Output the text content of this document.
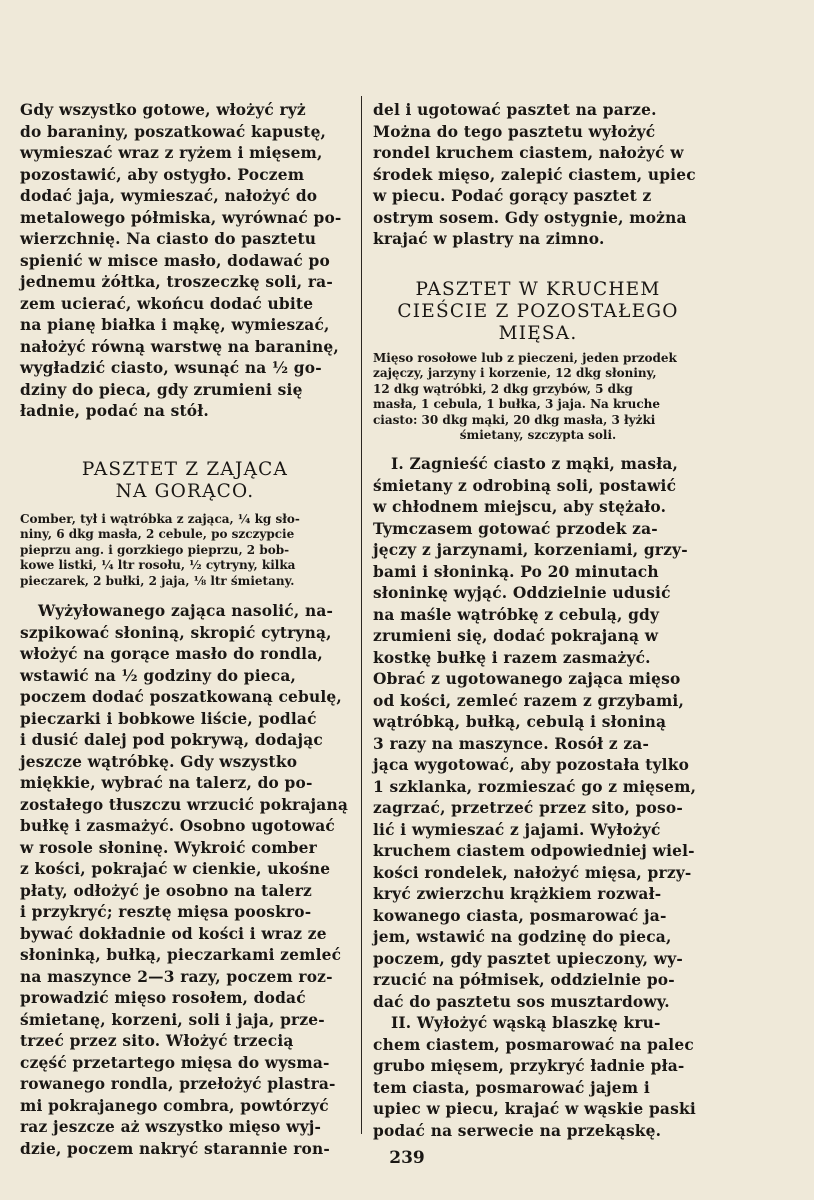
Gdy wszystko gotowe, włożyć ryż
do baraniny, poszatkować kapustę,
wymieszać wraz z ryżem i mięsem,
pozostawić, aby ostygło. Poczem
dodać jaja, wymieszać, nałożyć do
metalowego półmiska, wyrównać po-
wierzchnię. Na ciasto do pasztetu
spienić w misce masło, dodawać po
jednemu żółtka, troszeczkę soli, ra-
zem ucierać, wkońcu dodać ubite
na pianę białka i mąkę, wymieszać,
nałożyć równą warstwę na baraninę,
wygładzić ciasto, wsunąć na ½ go-
dziny do pieca, gdy zrumieni się
ładnie, podać na stół.

PASZTET Z ZAJĄCA
NA GORĄCO.

Comber, tył i wątróbka z zająca, ¼ kg sło-
niny, 6 dkg masła, 2 cebule, po szczypcie
pieprzu ang. i gorzkiego pieprzu, 2 bob-
kowe listki, ¼ ltr rosołu, ½ cytryny, kilka
pieczarek, 2 bułki, 2 jaja, ⅛ ltr śmietany.

Wyżyłowanego zająca nasolić, na-
szpikować słoniną, skropić cytryną,
włożyć na gorące masło do rondla,
wstawić na ½ godziny do pieca,
poczem dodać poszatkowaną cebulę,
pieczarki i bobkowe liście, podlać
i dusić dalej pod pokrywą, dodając
jeszcze wątróbkę. Gdy wszystko
miękkie, wybrać na talerz, do po-
zostałego tłuszczu wrzucić pokrajaną
bułkę i zasmażyć. Osobno ugotować
w rosole słoninę. Wykroić comber
z kości, pokrajać w cienkie, ukośne
płaty, odłożyć je osobno na talerz
i przykryć; resztę mięsa pooskro-
bywać dokładnie od kości i wraz ze
słoninką, bułką, pieczarkami zemleć
na maszynce 2—3 razy, poczem roz-
prowadzić mięso rosołem, dodać
śmietanę, korzeni, soli i jaja, prze-
trzeć przez sito. Włożyć trzecią
część przetartego mięsa do wysma-
rowanego rondla, przełożyć plastra-
mi pokrajanego combra, powtórzyć
raz jeszcze aż wszystko mięso wyj-
dzie, poczem nakryć starannie ron-

del i ugotować pasztet na parze.
Można do tego pasztetu wyłożyć
rondel kruchem ciastem, nałożyć w
środek mięso, zalepić ciastem, upiec
w piecu. Podać gorący pasztet z
ostrym sosem. Gdy ostygnie, można
krajać w plastry na zimno.

PASZTET W KRUCHEM
CIEŚCIE Z POZOSTAŁEGO
MIĘSA.

Mięso rosołowe lub z pieczeni, jeden przodek
zajęczy, jarzyny i korzenie, 12 dkg słoniny,
12 dkg wątróbki, 2 dkg grzybów, 5 dkg
masła, 1 cebula, 1 bułka, 3 jaja. Na kruche
ciasto: 30 dkg mąki, 20 dkg masła, 3 łyżki

śmietany, szczypta soli.

I. Zagnieść ciasto z mąki, masła,
śmietany z odrobiną soli, postawić
w chłodnem miejscu, aby stężało.
Tymczasem gotować przodek za-
jęczy z jarzynami, korzeniami, grzy-
bami i słoninką. Po 20 minutach
słoninkę wyjąć. Oddzielnie udusić
na maśle wątróbkę z cebulą, gdy
zrumieni się, dodać pokrajaną w
kostkę bułkę i razem zasmażyć.
Obrać z ugotowanego zająca mięso
od kości, zemleć razem z grzybami,
wątróbką, bułką, cebulą i słoniną
3 razy na maszynce. Rosół z za-
jąca wygotować, aby pozostała tylko
1 szklanka, rozmieszać go z mięsem,
zagrzać, przetrzeć przez sito, poso-
lić i wymieszać z jajami. Wyłożyć
kruchem ciastem odpowiedniej wiel-
kości rondelek, nałożyć mięsa, przy-
kryć zwierzchu krążkiem rozwał-
kowanego ciasta, posmarować ja-
jem, wstawić na godzinę do pieca,
poczem, gdy pasztet upieczony, wy-
rzucić na półmisek, oddzielnie po-
dać do pasztetu sos musztardowy.

II. Wyłożyć wąską blaszkę kru-
chem ciastem, posmarować na palec
grubo mięsem, przykryć ładnie pła-
tem ciasta, posmarować jajem i
upiec w piecu, krajać w wąskie paski
podać na serwecie na przekąskę.

239
